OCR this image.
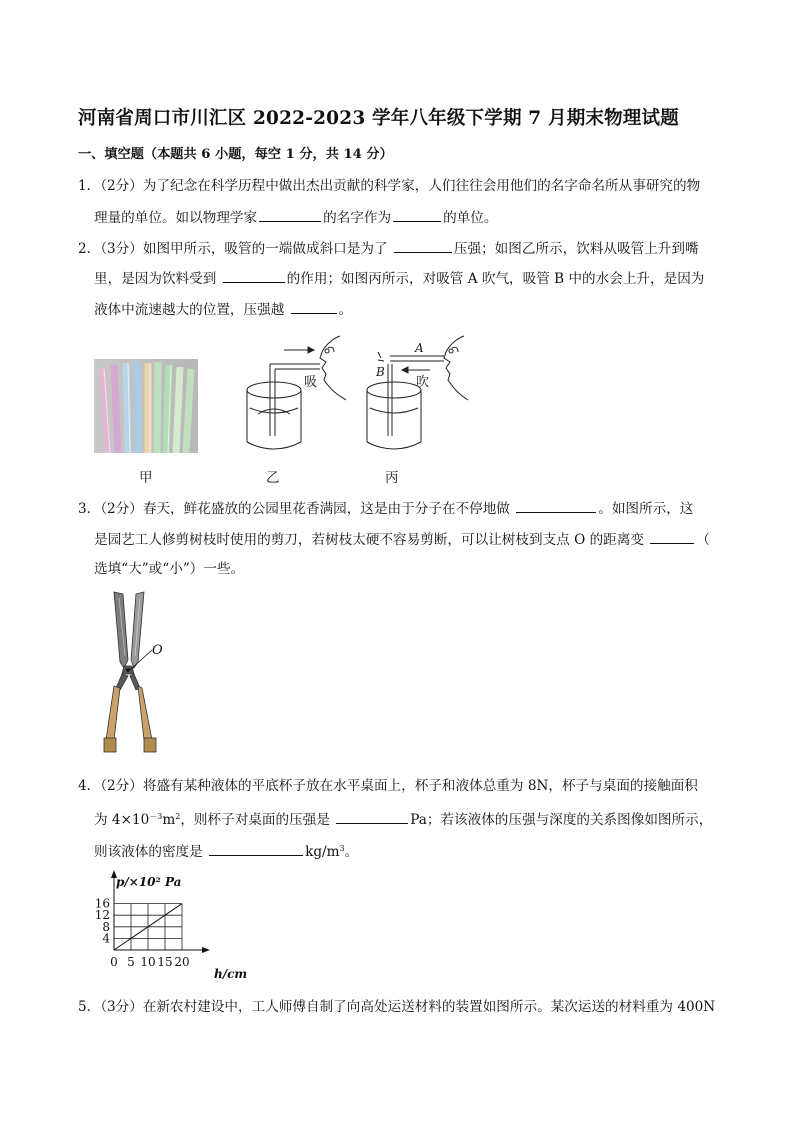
河南省周口市川汇区 2022-2023 学年八年级下学期 7 月期末物理试题
一、填空题（本题共 6 小题，每空 1 分，共 14 分）
1．（2分）为了纪念在科学历程中做出杰出贡献的科学家，人们往往会用他们的名字命名所从事研究的物
理量的单位。如以物理学家	的名字作为	的单位。
2．（3分）如图甲所示，吸管的一端做成斜口是为了	压强；如图乙所示，饮料从吸管上升到嘴
里，是因为饮料受到	的作用；如图丙所示，对吸管 A 吹气，吸管 B 中的水会上升，是因为
液体中流速越大的位置，压强越	。
甲
吸
乙
A
B
吹
丙
3．（2分）春天，鲜花盛放的公园里花香满园，这是由于分子在不停地做	。如图所示，这
是园艺工人修剪树枝时使用的剪刀，若树枝太硬不容易剪断，可以让树枝到支点 O 的距离变	（
选填“大”或“小”）一些。
O
4．（2分）将盛有某种液体的平底杯子放在水平桌面上，杯子和液体总重为 8N，杯子与桌面的接触面积
为 $4\times 10^{-3}m^2$，则杯子对桌面的压强是	Pa；若该液体的压强与深度的关系图像如图所示，
则该液体的密度是	$kg/m^3$。
0 5 10 15 20
4
8
12
16
p/×10² Pa
h/cm
5．（3分）在新农村建设中，工人师傅自制了向高处运送材料的装置如图所示。某次运送的材料重为 400N
